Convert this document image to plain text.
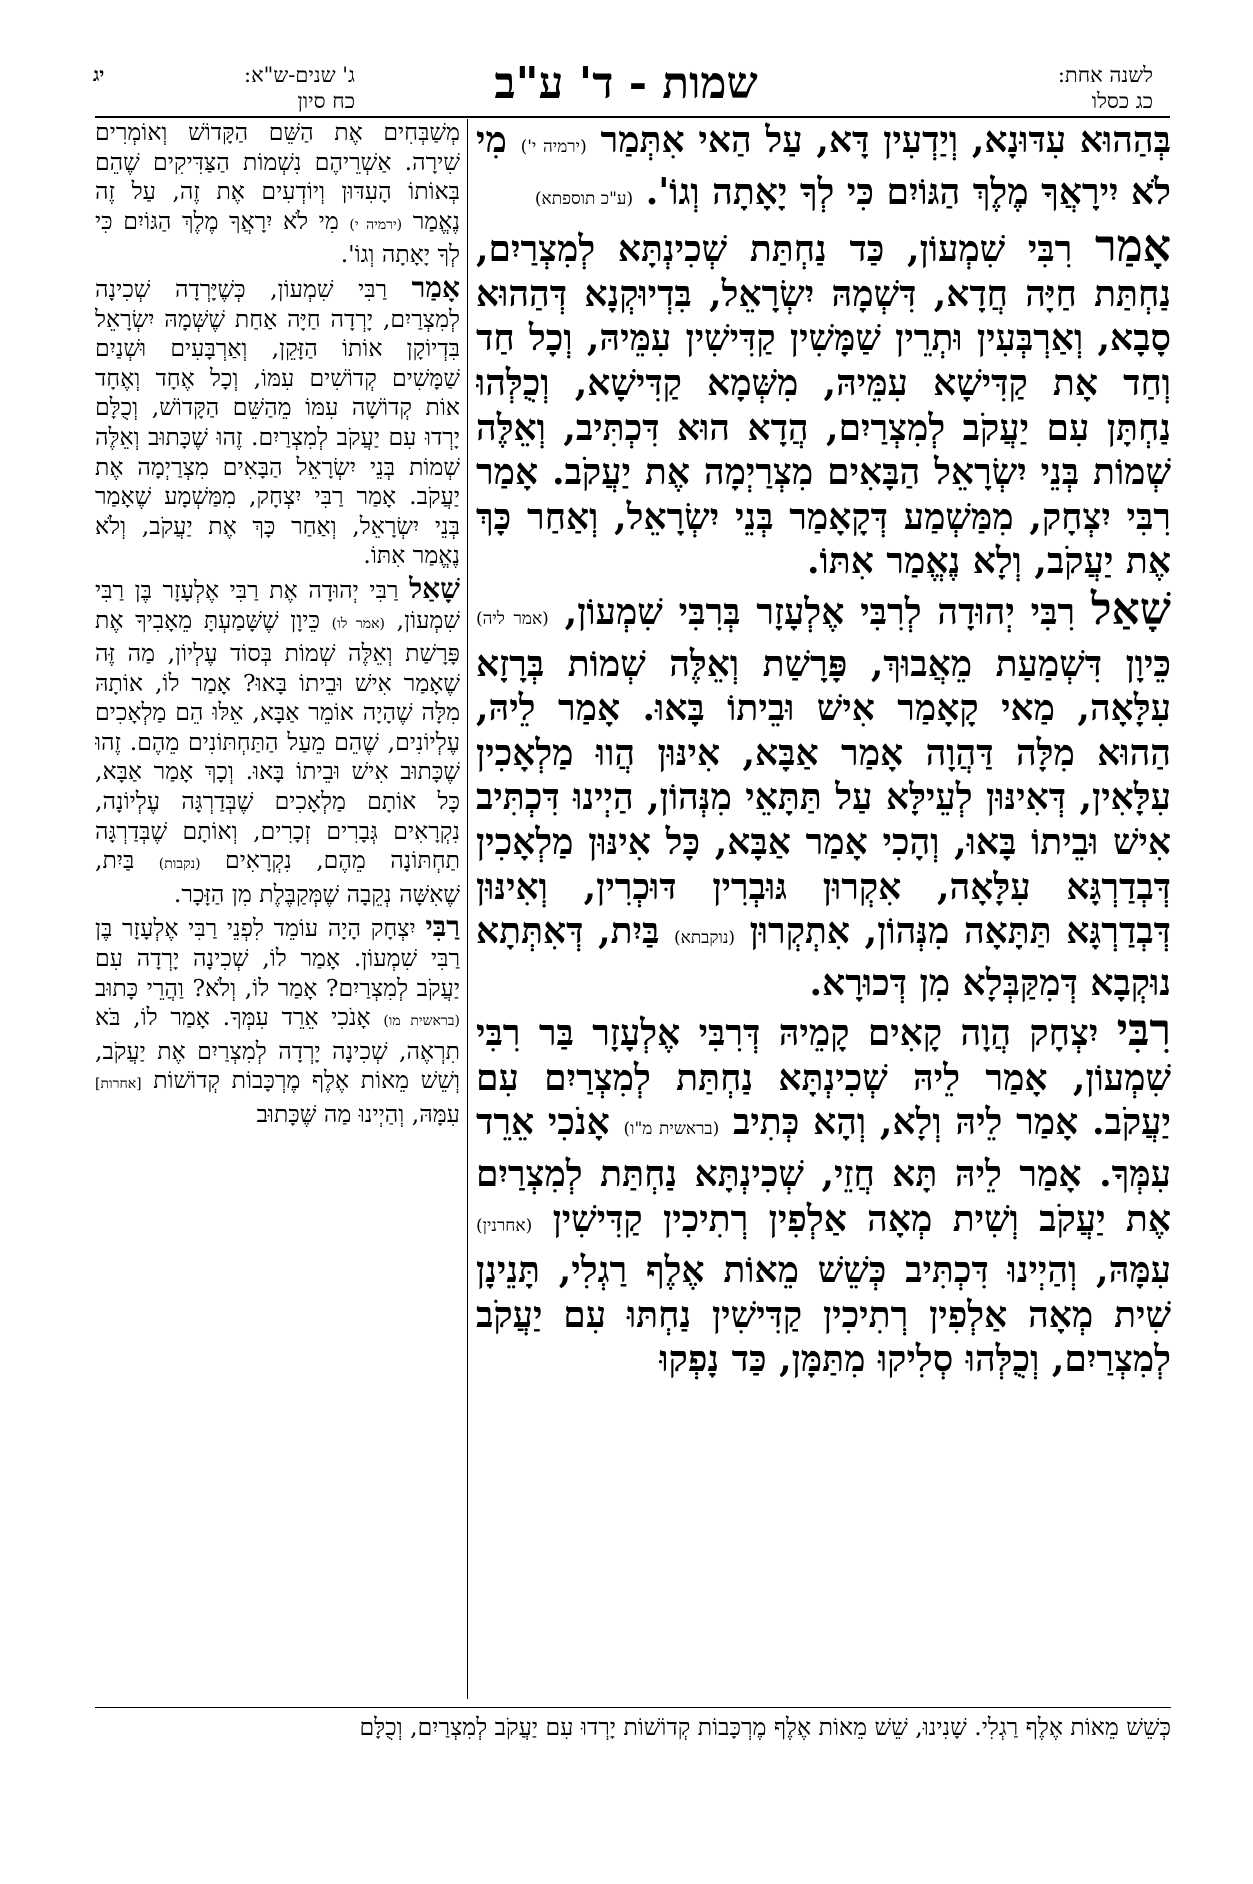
לשנה אחת:
כג כסלו
שמות - ד' ע"ב
ג' שנים-ש"א:
כח סיון
יג

בְּהַהוּא עִדּוּנָא, וְיַדְעִין דָּא, עַל הַאי אִתְּמַר (ירמיה י') מִי לֹא יִירָאֲךָ מֶלֶךְ הַגּוֹיִם כִּי לְךָ יָאָתָה וְגוֹ'. (ע"כ תוספתא)

אָמַר רִבִּי שִׁמְעוֹן, כַּד נַחְתַּת שְׁכִינְתָּא לְמִצְרַיִם, נַחְתַּת חַיָּה חֲדָא, דִּשְׁמָהּ יִשְׂרָאֵל, בִּדְיוּקְנָא דְּהַהוּא סָבָא, וְאַרְבְּעִין וּתְרֵין שַׁמָּשִׁין קַדִּישִׁין עִמֵּיהּ, וְכָל חַד וְחַד אָת קַדִּישָׁא עִמֵּיהּ, מִשְּׁמָא קַדִּישָׁא, וְכֻלְּהוּ נַחְתָּן עִם יַעֲקֹב לְמִצְרַיִם, הֲדָא הוּא דִּכְתִּיב, וְאֵלֶּה שְׁמוֹת בְּנֵי יִשְׂרָאֵל הַבָּאִים מִצְרַיְמָה אֶת יַעֲקֹב. אָמַר רִבִּי יִצְחָק, מִמַּשְׁמַע דְּקָאָמַר בְּנֵי יִשְׂרָאֵל, וְאַחַר כָּךְ אֶת יַעֲקֹב, וְלָא נֶאֱמַר אִתּוֹ.

שָׁאַל רִבִּי יְהוּדָה לְרִבִּי אֶלְעָזָר בְּרִבִּי שִׁמְעוֹן, (אמר ליה) כֵּיוָן דִּשְׁמַעַת מֵאֲבוּךְ, פָּרָשַׁת וְאֵלֶּה שְׁמוֹת בְּרָזָא עִלָּאָה, מַאי קָאָמַר אִישׁ וּבֵיתוֹ בָּאוּ. אָמַר לֵיהּ, הַהוּא מִלָּה דַּהֲוָה אָמַר אַבָּא, אִינּוּן הֲווּ מַלְאָכִין עִלָּאִין, דְּאִינּוּן לְעֵילָּא עַל תַּתָּאֵי מִנְּהוֹן, הַיְינוּ דִּכְתִּיב אִישׁ וּבֵיתוֹ בָּאוּ, וְהָכִי אָמַר אַבָּא, כָּל אִינּוּן מַלְאָכִין דְּבְדַרְגָּא עִלָּאָה, אִקְרוּן גּוּבְרִין דּוּכְרִין, וְאִינּוּן דְּבְדַרְגָּא תַּתָּאָה מִנְּהוֹן, אִתְקְרוּן (נוקבתא) בַּיִת, דְּאִתְּתָא נוּקְבָא דְּמִקַּבְּלָא מִן דְּכוּרָא.

רִבִּי יִצְחָק הֲוָה קָאִים קָמֵיהּ דְּרִבִּי אֶלְעָזָר בַּר רִבִּי שִׁמְעוֹן, אָמַר לֵיהּ שְׁכִינְתָּא נַחְתַּת לְמִצְרַיִם עִם יַעֲקֹב. אָמַר לֵיהּ וְלָא, וְהָא כְּתִיב (בראשית מ"ו) אָנֹכִי אֵרֵד עִמְּךָ. אָמַר לֵיהּ תָּא חֲזֵי, שְׁכִינְתָּא נַחְתַּת לְמִצְרַיִם אֶת יַעֲקֹב וְשִׁית מְאָה אַלְפִין רְתִיכִין קַדִּישִׁין (אחרנין) עִמָּהּ, וְהַיְינוּ דִּכְתִּיב כְּשֵׁשׁ מֵאוֹת אֶלֶף רַגְלִי, תָּנֵינָן שִׁית מְאָה אַלְפִין רְתִיכִין קַדִּישִׁין נַחְתּוּ עִם יַעֲקֹב לְמִצְרַיִם, וְכֻלְּהוּ סְלִיקוּ מִתַּמָּן, כַּד נָפְקוּ

מְשַׁבְּחִים אֶת הַשֵּׁם הַקָּדוֹשׁ וְאוֹמְרִים שִׁירָה. אַשְׁרֵיהֶם נִשְׁמוֹת הַצַּדִּיקִים שֶׁהֵם בְּאוֹתוֹ הָעִדּוּן וְיוֹדְעִים אֶת זֶה, עַל זֶה נֶאֱמַר (ירמיה י) מִי לֹא יִרָאֲךָ מֶלֶךְ הַגּוֹיִם כִּי לְךָ יָאָתָה וְגוֹ'.

אָמַר רַבִּי שִׁמְעוֹן, כְּשֶׁיָּרְדָה שְׁכִינָה לְמִצְרַיִם, יָרְדָה חַיָּה אַחַת שֶׁשְּׁמָהּ יִשְׂרָאֵל בִּדְיוֹקָן אוֹתוֹ הַזָּקֵן, וְאַרְבָּעִים וּשְׁנַיִם שַׁמָּשִׁים קְדוֹשִׁים עִמּוֹ, וְכָל אֶחָד וְאֶחָד אוֹת קְדוֹשָׁה עִמּוֹ מֵהַשֵּׁם הַקָּדוֹשׁ, וְכֻלָּם יָרְדוּ עִם יַעֲקֹב לְמִצְרַיִם. זֶהוּ שֶׁכָּתוּב וְאֵלֶּה שְׁמוֹת בְּנֵי יִשְׂרָאֵל הַבָּאִים מִצְרַיְמָה אֶת יַעֲקֹב. אָמַר רַבִּי יִצְחָק, מִמַּשְׁמָע שֶׁאָמַר בְּנֵי יִשְׂרָאֵל, וְאַחַר כָּךְ אֶת יַעֲקֹב, וְלֹא נֶאֱמַר אִתּוֹ.

שָׁאַל רַבִּי יְהוּדָה אֶת רַבִּי אֶלְעָזָר בֶּן רַבִּי שִׁמְעוֹן, (אמר לו) כֵּיוָן שֶׁשָּׁמַעְתָּ מֵאָבִיךָ אֶת פָּרָשַׁת וְאֵלֶּה שְׁמוֹת בְּסוֹד עֶלְיוֹן, מַה זֶּה שֶׁאָמַר אִישׁ וּבֵיתוֹ בָּאוּ? אָמַר לוֹ, אוֹתָהּ מִלָּה שֶׁהָיָה אוֹמֵר אַבָּא, אֵלּוּ הֵם מַלְאָכִים עֶלְיוֹנִים, שֶׁהֵם מֵעַל הַתַּחְתּוֹנִים מֵהֶם. זֶהוּ שֶׁכָּתוּב אִישׁ וּבֵיתוֹ בָּאוּ. וְכָךְ אָמַר אַבָּא, כָּל אוֹתָם מַלְאָכִים שֶׁבְּדַרְגָּה עֶלְיוֹנָה, נִקְרָאִים גְּבָרִים זְכָרִים, וְאוֹתָם שֶׁבְּדַרְגָּה תַחְתּוֹנָה מֵהֶם, נִקְרָאִים (נקבות) בַּיִת, שֶׁאִשָּׁה נְקֵבָה שֶׁמְּקַבֶּלֶת מִן הַזָּכָר.

רַבִּי יִצְחָק הָיָה עוֹמֵד לִפְנֵי רַבִּי אֶלְעָזָר בֶּן רַבִּי שִׁמְעוֹן. אָמַר לוֹ, שְׁכִינָה יָרְדָה עִם יַעֲקֹב לְמִצְרַיִם? אָמַר לוֹ, וְלֹא? וַהֲרֵי כָּתוּב (בראשית מו) אָנֹכִי אֵרֵד עִמְּךָ. אָמַר לוֹ, בֹּא תִרְאֶה, שְׁכִינָה יָרְדָה לְמִצְרַיִם אֶת יַעֲקֹב, וְשֵׁשׁ מֵאוֹת אֶלֶף מֶרְכָּבוֹת קְדוֹשׁוֹת [אחרות] עִמָּהּ, וְהַיְינוּ מַה שֶּׁכָּתוּב

כְּשֵׁשׁ מֵאוֹת אֶלֶף רַגְלִי. שָׁנִינוּ, שֵׁשׁ מֵאוֹת אֶלֶף מֶרְכָּבוֹת קְדוֹשׁוֹת יָרְדוּ עִם יַעֲקֹב לְמִצְרַיִם, וְכֻלָּם
